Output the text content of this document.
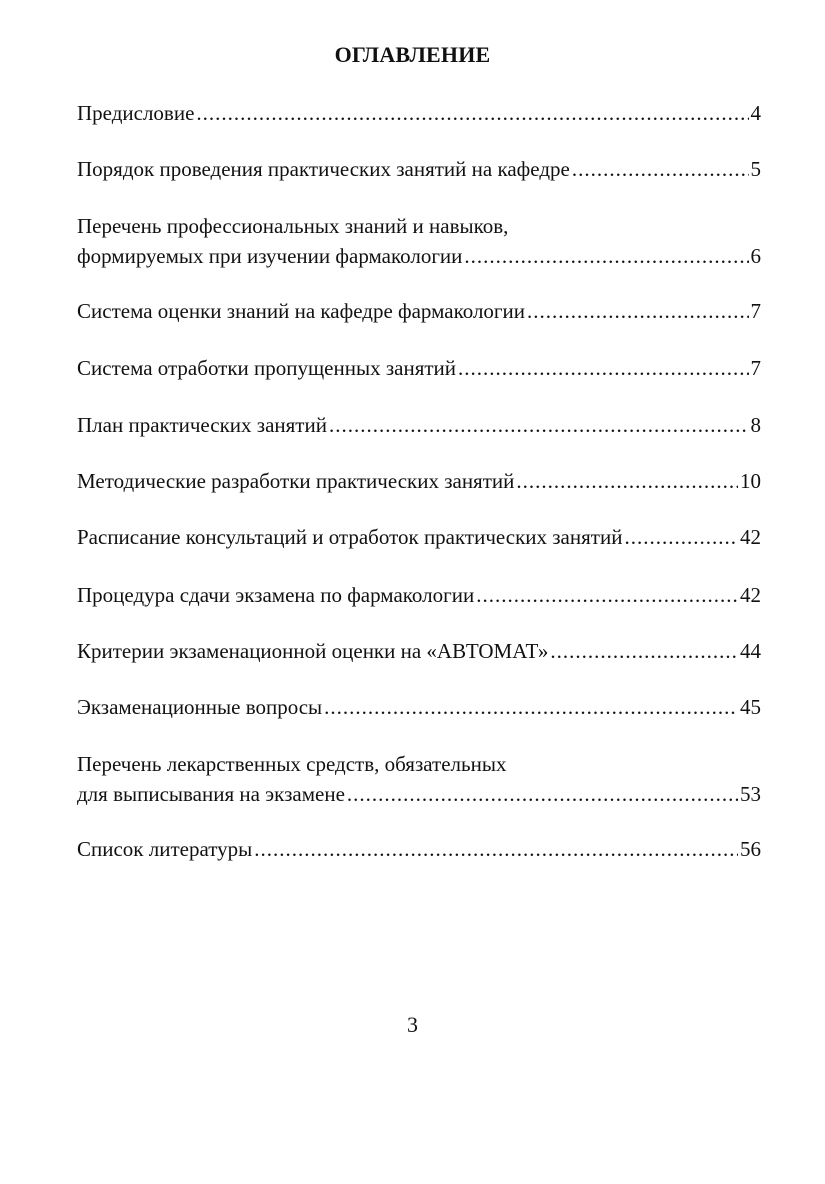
ОГЛАВЛЕНИЕ
Предисловие .....	4
Порядок проведения практических занятий на кафедре .....	5
Перечень профессиональных знаний и навыков,
формируемых при изучении фармакологии .....	6
Система оценки знаний на кафедре фармакологии .....	7
Система отработки пропущенных занятий .....	7
План практических занятий .....	8
Методические разработки практических занятий .....	10
Расписание консультаций и отработок практических занятий .....	42
Процедура сдачи экзамена по фармакологии .....	42
Критерии экзаменационной оценки на «АВТОМАТ» .....	44
Экзаменационные вопросы .....	45
Перечень лекарственных средств, обязательных
для выписывания на экзамене .....	53
Список литературы .....	56
3
